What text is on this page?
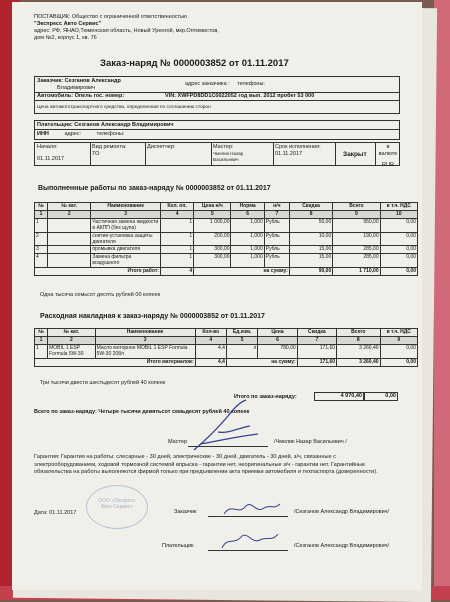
ПОСТАВЩИК: Общество с ограниченной ответственностью
"Экспресс Авто Сервис"
адрес: РФ, ЯНАО,Тюменская область, Новый Уренгой, мкр.Оптимистов,
дом №2, корпус 1, кв. 76
Заказ-наряд № 0000003852 от 01.11.2017
Заказчик: Сезганов Александр
Владимирович
адрес заказчика : телефоны:
Автомобиль: Опель гос. номер:	VIN: XWFPD8DD1C0022052 год вып. 2012 пробег 53 000
Цена автомототранспортного средства, определенная по соглашению сторон
Плательщик: Сезганов Александр Владимирович
ИНН	адрес:	телефоны:
Начало:
01.11.2017
Вид ремонта:
ТО
Диспетчер:	Мастер:
Чмелик Назар Васильевич
Срок исполнения:
01.11.2017	Закрыт
в валюте
RUR
Выполненные работы по заказ-наряду № 0000003852 от 01.11.2017
№	№ кат.	Наименование	Кол. оп.	Цена н/ч	Норма	н/ч	Скидка	Всего	в т.ч. НДС
1	2	3	4	5	6	7	8	9	10
1		Частичная замена жидкости в АКПП (без щупа)	1	1 000,00	1,000	Рубль	50,00	950,00	0,00
2		снятие-установка защиты двигателя	1	200,00	1,000	Рубль	10,00	190,00	0,00
3		промывка двигателя	1	300,00	1,000	Рубль	15,00	285,00	0,00
4		Замена фильтра воздушного	1	300,00	1,000	Рубль	15,00	285,00	0,00
Итого работ:			4	на сумму:			90,00	1 710,00	0,00
Одна тысяча семьсот десять рублей 00 копеек
Расходная накладная к заказ-наряду № 0000003852 от 01.11.2017
№	№ кат.	Наименование	Кол-во	Ед.изм.	Цена	Скидка	Всего	в т.ч. НДС
1	2	3	4	5	6	7	8	9
1	MOBIL 1 ESP Formula 5W-30	Масло моторное MOBIL 1 ESP Formula 5W-30 208л	4,4	л	780,00	171,60	3 260,40	0,00
Итого материалов:			4,4	на сумму:		171,60	3 260,40	0,00
Три тысячи двести шестьдесят рублей 40 копеек
Итого по заказ-наряду:	4 970,40	0,00
Всего по заказ-наряду: Четыре тысячи девятьсот семьдесят рублей 40 копеек
Мастер	/Чмелик Назар Васильевич /
Гарантия: Гарантия на работы: слесарные - 30 дней, электрические - 30 дней, двигатель - 30 дней, з/ч, связанные с электрооборудованием, ходовой тормозной системой впрыска - гарантии нет, неоригинальные з/ч - гарантии нет. Гарантийные обязательства на работы выполняются фирмой только при предъявлении акта приемки автомобиля и техпаспорта (доверенности).
ООО «Экспресс Авто Сервис»
Дата: 01.11.2017	Заказчик	/Сезганов Александр Владимирович/
Плательщик	/Сезганов Александр Владимирович/
